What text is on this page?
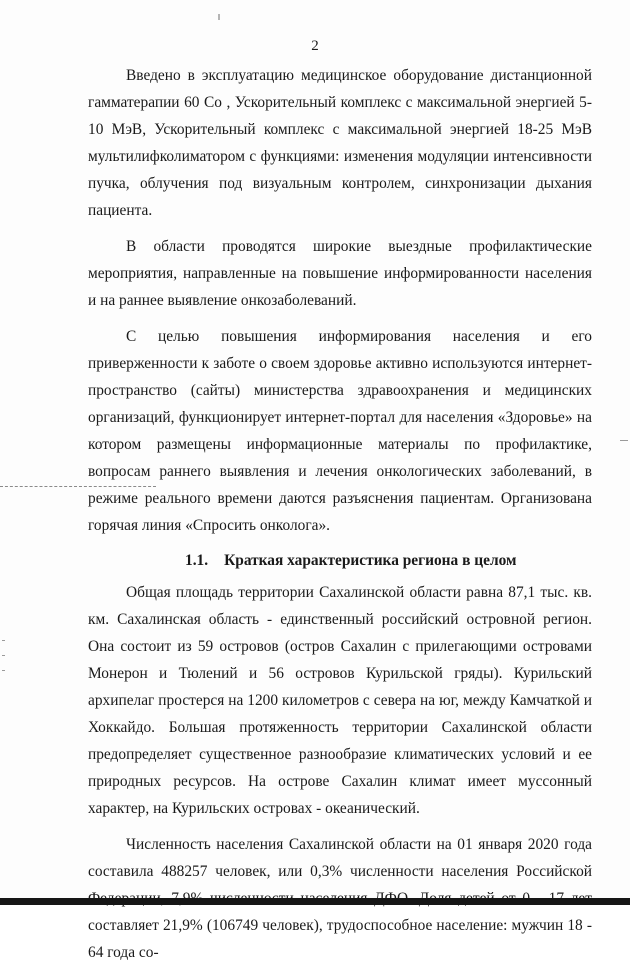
2

Введено в эксплуатацию медицинское оборудование дистанционной гамматерапии 60 Со , Ускорительный комплекс с максимальной энергией 5-10 МэВ, Ускорительный комплекс с максимальной энергией 18-25 МэВ мультилифколиматором с функциями: изменения модуляции интенсивности пучка, облучения под визуальным контролем, синхронизации дыхания пациента.

В области проводятся широкие выездные профилактические мероприятия, направленные на повышение информированности населения и на раннее выявление онкозаболеваний.

С целью повышения информирования населения и его приверженности к заботе о своем здоровье активно используются интернет-пространство (сайты) министерства здравоохранения и медицинских организаций, функционирует интернет-портал для населения «Здоровье» на котором размещены информационные материалы по профилактике, вопросам раннего выявления и лечения онкологических заболеваний, в режиме реального времени даются разъяснения пациентам. Организована горячая линия «Спросить онколога».

1.1. Краткая характеристика региона в целом

Общая площадь территории Сахалинской области равна 87,1 тыс. кв. км. Сахалинская область - единственный российский островной регион. Она состоит из 59 островов (остров Сахалин с прилегающими островами Монерон и Тюлений и 56 островов Курильской гряды). Курильский архипелаг простерся на 1200 километров с севера на юг, между Камчаткой и Хоккайдо. Большая протяженность территории Сахалинской области предопределяет существенное разнообразие климатических условий и ее природных ресурсов. На острове Сахалин климат имеет муссонный характер, на Курильских островах - океанический.

Численность населения Сахалинской области на 01 января 2020 года составила 488257 человек, или 0,3% численности населения Российской составляет 21,9% (106749 человек), трудоспособное население: мужчин 18 - 64 года со-
